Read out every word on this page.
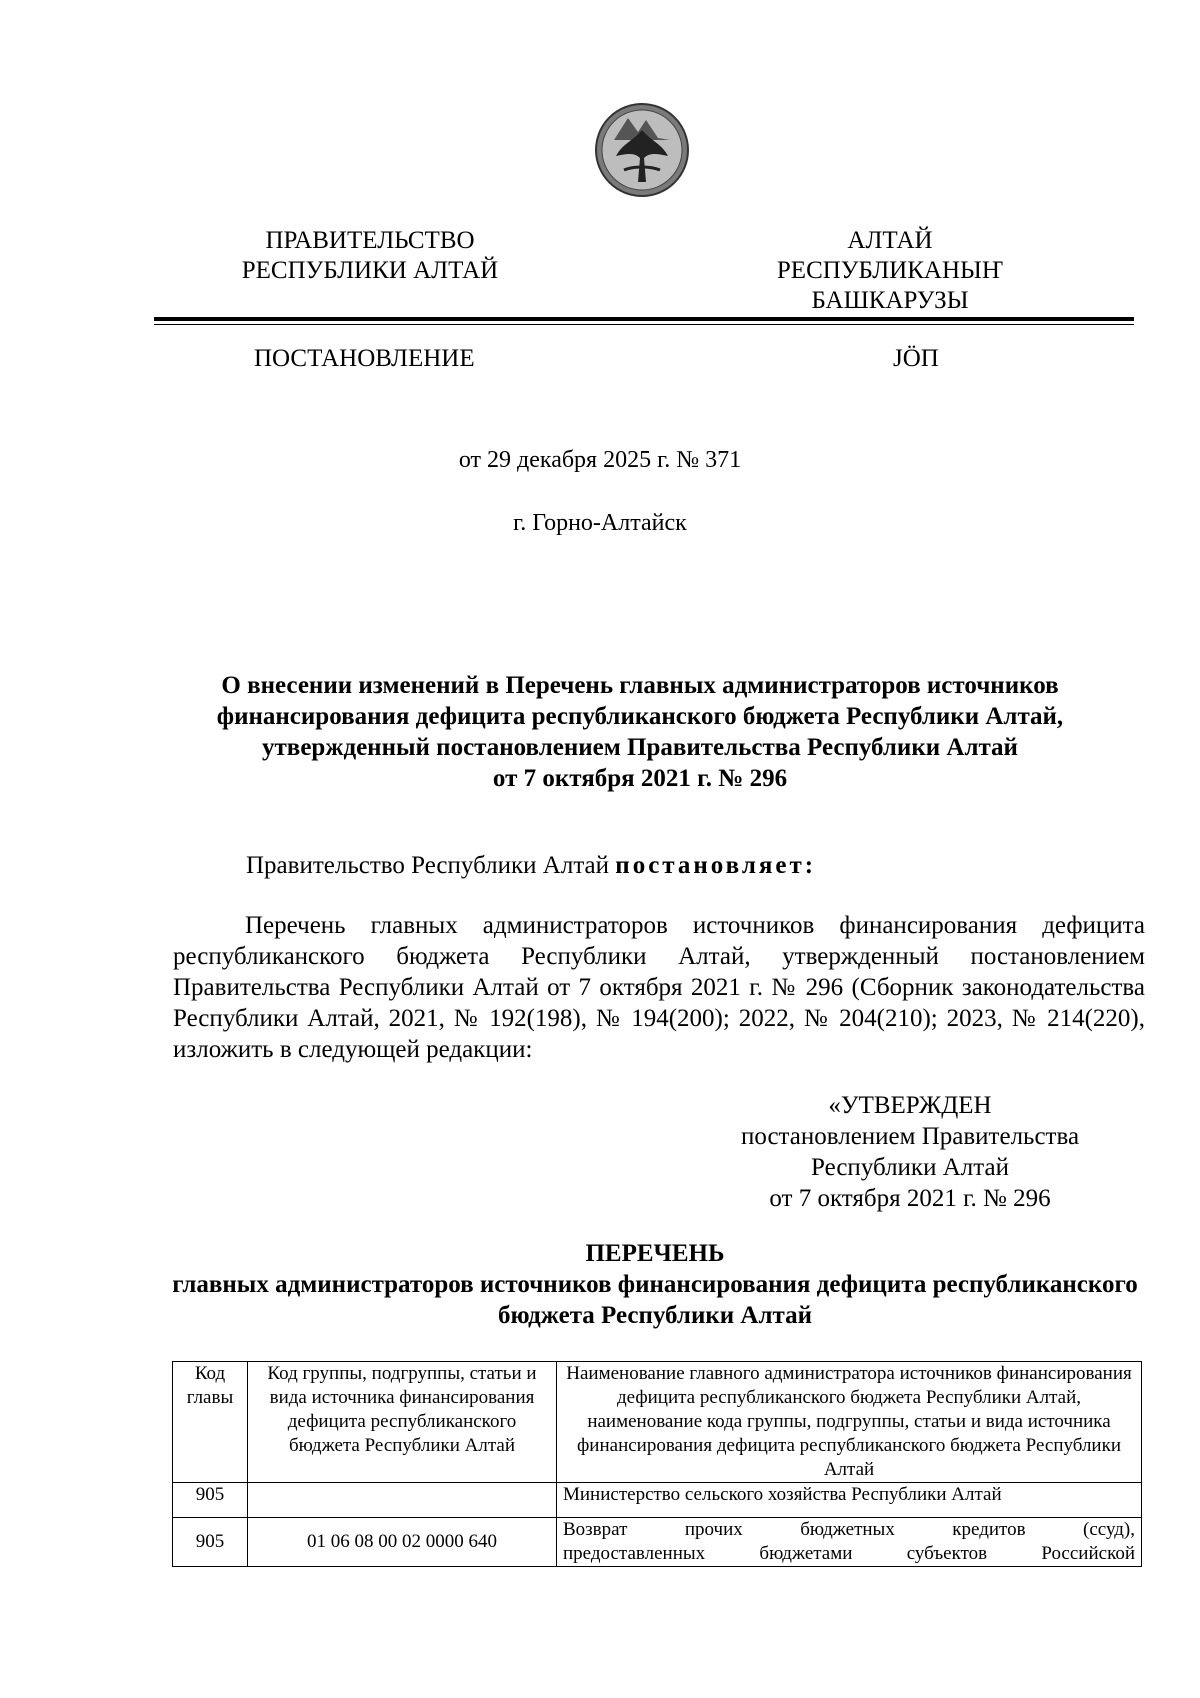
ПРАВИТЕЛЬСТВО
РЕСПУБЛИКИ АЛТАЙ
АЛТАЙ РЕСПУБЛИКАНЫҤ
БАШКАРУЗЫ
ПОСТАНОВЛЕНИЕ	JÖП
от 29 декабря 2025 г. № 371
г. Горно-Алтайск
О внесении изменений в Перечень главных администраторов источников
финансирования дефицита республиканского бюджета Республики Алтай,
утвержденный постановлением Правительства Республики Алтай
от 7 октября 2021 г. № 296
Правительство Республики Алтай постановляет:
Перечень главных администраторов источников финансирования дефицита республиканского бюджета Республики Алтай, утвержденный постановлением Правительства Республики Алтай от 7 октября 2021 г. № 296 (Сборник законодательства Республики Алтай, 2021, № 192(198), № 194(200); 2022, № 204(210); 2023, № 214(220), изложить в следующей редакции:
«УТВЕРЖДЕН
постановлением Правительства
Республики Алтай
от 7 октября 2021 г. № 296
ПЕРЕЧЕНЬ
главных администраторов источников финансирования дефицита республиканского
бюджета Республики Алтай
Код главы	Код группы, подгруппы, статьи и вида источника финансирования дефицита республиканского бюджета Республики Алтай	Наименование главного администратора источников финансирования дефицита республиканского бюджета Республики Алтай, наименование кода группы, подгруппы, статьи и вида источника финансирования дефицита республиканского бюджета Республики Алтай
905		Министерство сельского хозяйства Республики Алтай
905	01 06 08 00 02 0000 640	Возврат прочих бюджетных кредитов (ссуд),
предоставленных бюджетами субъектов Российской
